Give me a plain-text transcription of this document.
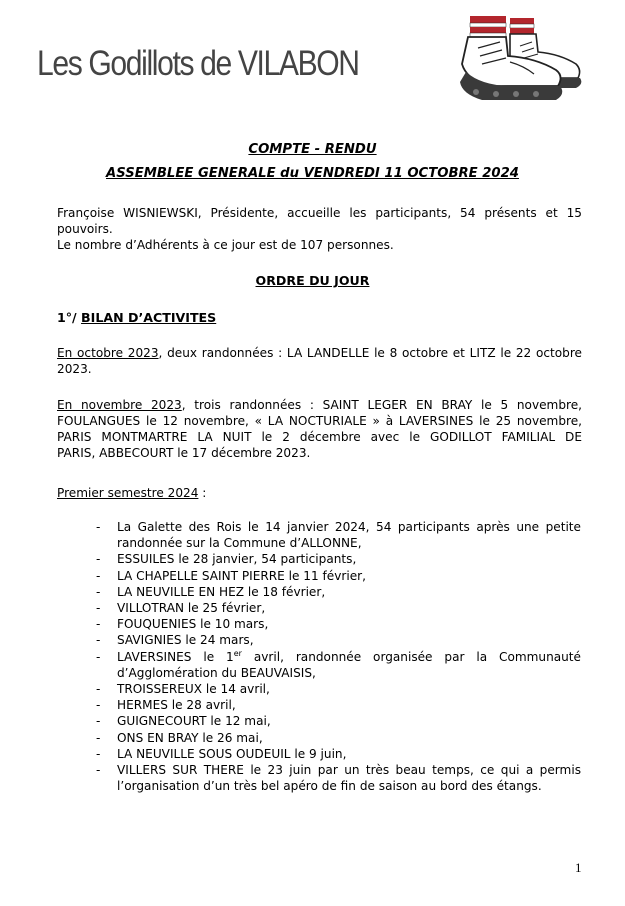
Les Godillots de VILABON

COMPTE - RENDU

ASSEMBLEE GENERALE du VENDREDI 11 OCTOBRE 2024

Françoise WISNIEWSKI, Présidente, accueille les participants, 54 présents et 15

pouvoirs.

Le nombre d’Adhérents à ce jour est de 107 personnes.

ORDRE DU JOUR

1°/ BILAN D’ACTIVITES

En octobre 2023, deux randonnées : LA LANDELLE le 8 octobre et LITZ le 22 octobre

2023.

En novembre 2023, trois randonnées : SAINT LEGER EN BRAY le 5 novembre,

FOULANGUES le 12 novembre, « LA NOCTURIALE » à LAVERSINES le 25 novembre,

PARIS MONTMARTRE LA NUIT le 2 décembre avec le GODILLOT FAMILIAL DE

PARIS, ABBECOURT le 17 décembre 2023.

Premier semestre 2024 :

- La Galette des Rois le 14 janvier 2024, 54 participants après une petite
randonnée sur la Commune d’ALLONNE,
- ESSUILES le 28 janvier, 54 participants,
- LA CHAPELLE SAINT PIERRE le 11 février,
- LA NEUVILLE EN HEZ le 18 février,
- VILLOTRAN le 25 février,
- FOUQUENIES le 10 mars,
- SAVIGNIES le 24 mars,
- LAVERSINES le 1er avril, randonnée organisée par la Communauté
d’Agglomération du BEAUVAISIS,
- TROISSEREUX le 14 avril,
- HERMES le 28 avril,
- GUIGNECOURT le 12 mai,
- ONS EN BRAY le 26 mai,
- LA NEUVILLE SOUS OUDEUIL le 9 juin,
- VILLERS SUR THERE le 23 juin par un très beau temps, ce qui a permis
l’organisation d’un très bel apéro de fin de saison au bord des étangs.
1
